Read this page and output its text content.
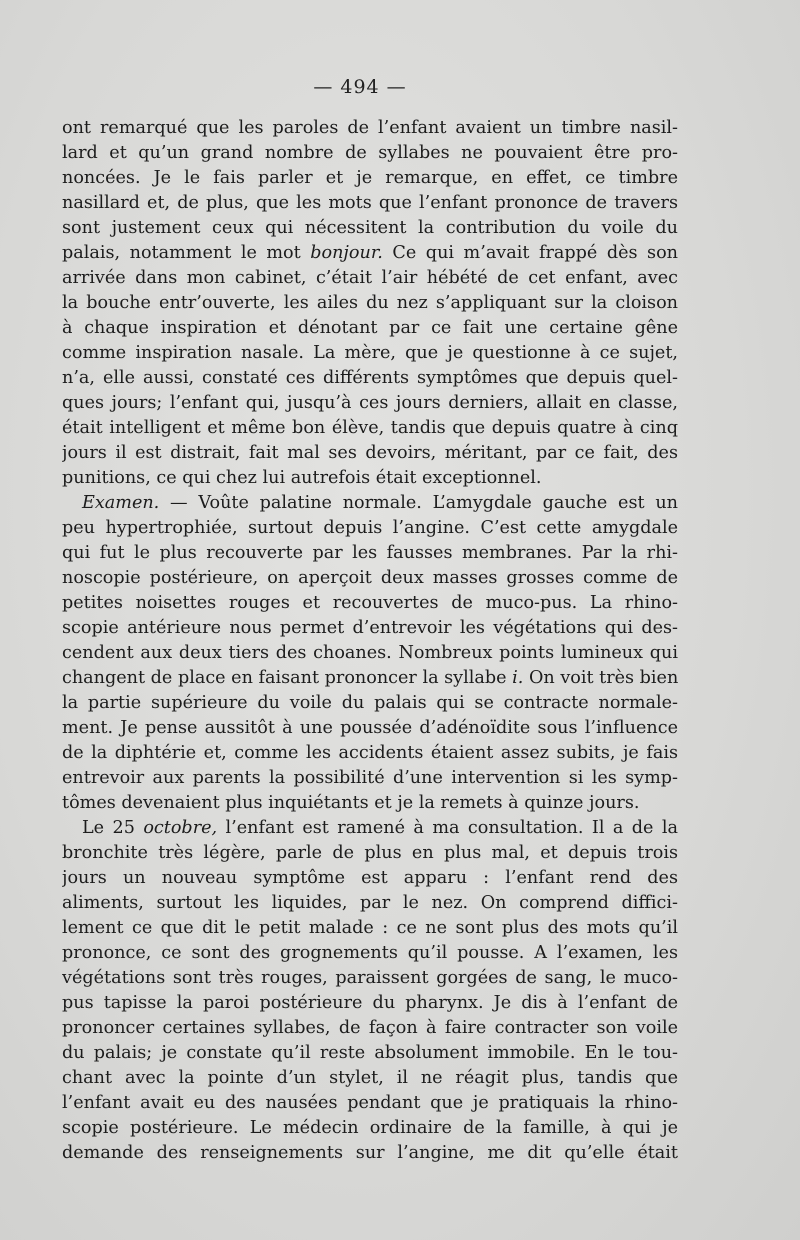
— 494 —
ont remarqué que les paroles de l’enfant avaient un timbre nasil-
lard et qu’un grand nombre de syllabes ne pouvaient être pro-
noncées. Je le fais parler et je remarque, en effet, ce timbre
nasillard et, de plus, que les mots que l’enfant prononce de travers
sont justement ceux qui nécessitent la contribution du voile du
palais, notamment le mot bonjour. Ce qui m’avait frappé dès son
arrivée dans mon cabinet, c’était l’air hébété de cet enfant, avec
la bouche entr’ouverte, les ailes du nez s’appliquant sur la cloison
à chaque inspiration et dénotant par ce fait une certaine gêne
comme inspiration nasale. La mère, que je questionne à ce sujet,
n’a, elle aussi, constaté ces différents symptômes que depuis quel-
ques jours; l’enfant qui, jusqu’à ces jours derniers, allait en classe,
était intelligent et même bon élève, tandis que depuis quatre à cinq
jours il est distrait, fait mal ses devoirs, méritant, par ce fait, des
punitions, ce qui chez lui autrefois était exceptionnel.
Examen. — Voûte palatine normale. L’amygdale gauche est un
peu hypertrophiée, surtout depuis l’angine. C’est cette amygdale
qui fut le plus recouverte par les fausses membranes. Par la rhi-
noscopie postérieure, on aperçoit deux masses grosses comme de
petites noisettes rouges et recouvertes de muco-pus. La rhino-
scopie antérieure nous permet d’entrevoir les végétations qui des-
cendent aux deux tiers des choanes. Nombreux points lumineux qui
changent de place en faisant prononcer la syllabe i. On voit très bien
la partie supérieure du voile du palais qui se contracte normale-
ment. Je pense aussitôt à une poussée d’adénoïdite sous l’influence
de la diphtérie et, comme les accidents étaient assez subits, je fais
entrevoir aux parents la possibilité d’une intervention si les symp-
tômes devenaient plus inquiétants et je la remets à quinze jours.
Le 25 octobre, l’enfant est ramené à ma consultation. Il a de la
bronchite très légère, parle de plus en plus mal, et depuis trois
jours un nouveau symptôme est apparu : l’enfant rend des
aliments, surtout les liquides, par le nez. On comprend diffici-
lement ce que dit le petit malade : ce ne sont plus des mots qu’il
prononce, ce sont des grognements qu’il pousse. A l’examen, les
végétations sont très rouges, paraissent gorgées de sang, le muco-
pus tapisse la paroi postérieure du pharynx. Je dis à l’enfant de
prononcer certaines syllabes, de façon à faire contracter son voile
du palais; je constate qu’il reste absolument immobile. En le tou-
chant avec la pointe d’un stylet, il ne réagit plus, tandis que
l’enfant avait eu des nausées pendant que je pratiquais la rhino-
scopie postérieure. Le médecin ordinaire de la famille, à qui je
demande des renseignements sur l’angine, me dit qu’elle était
